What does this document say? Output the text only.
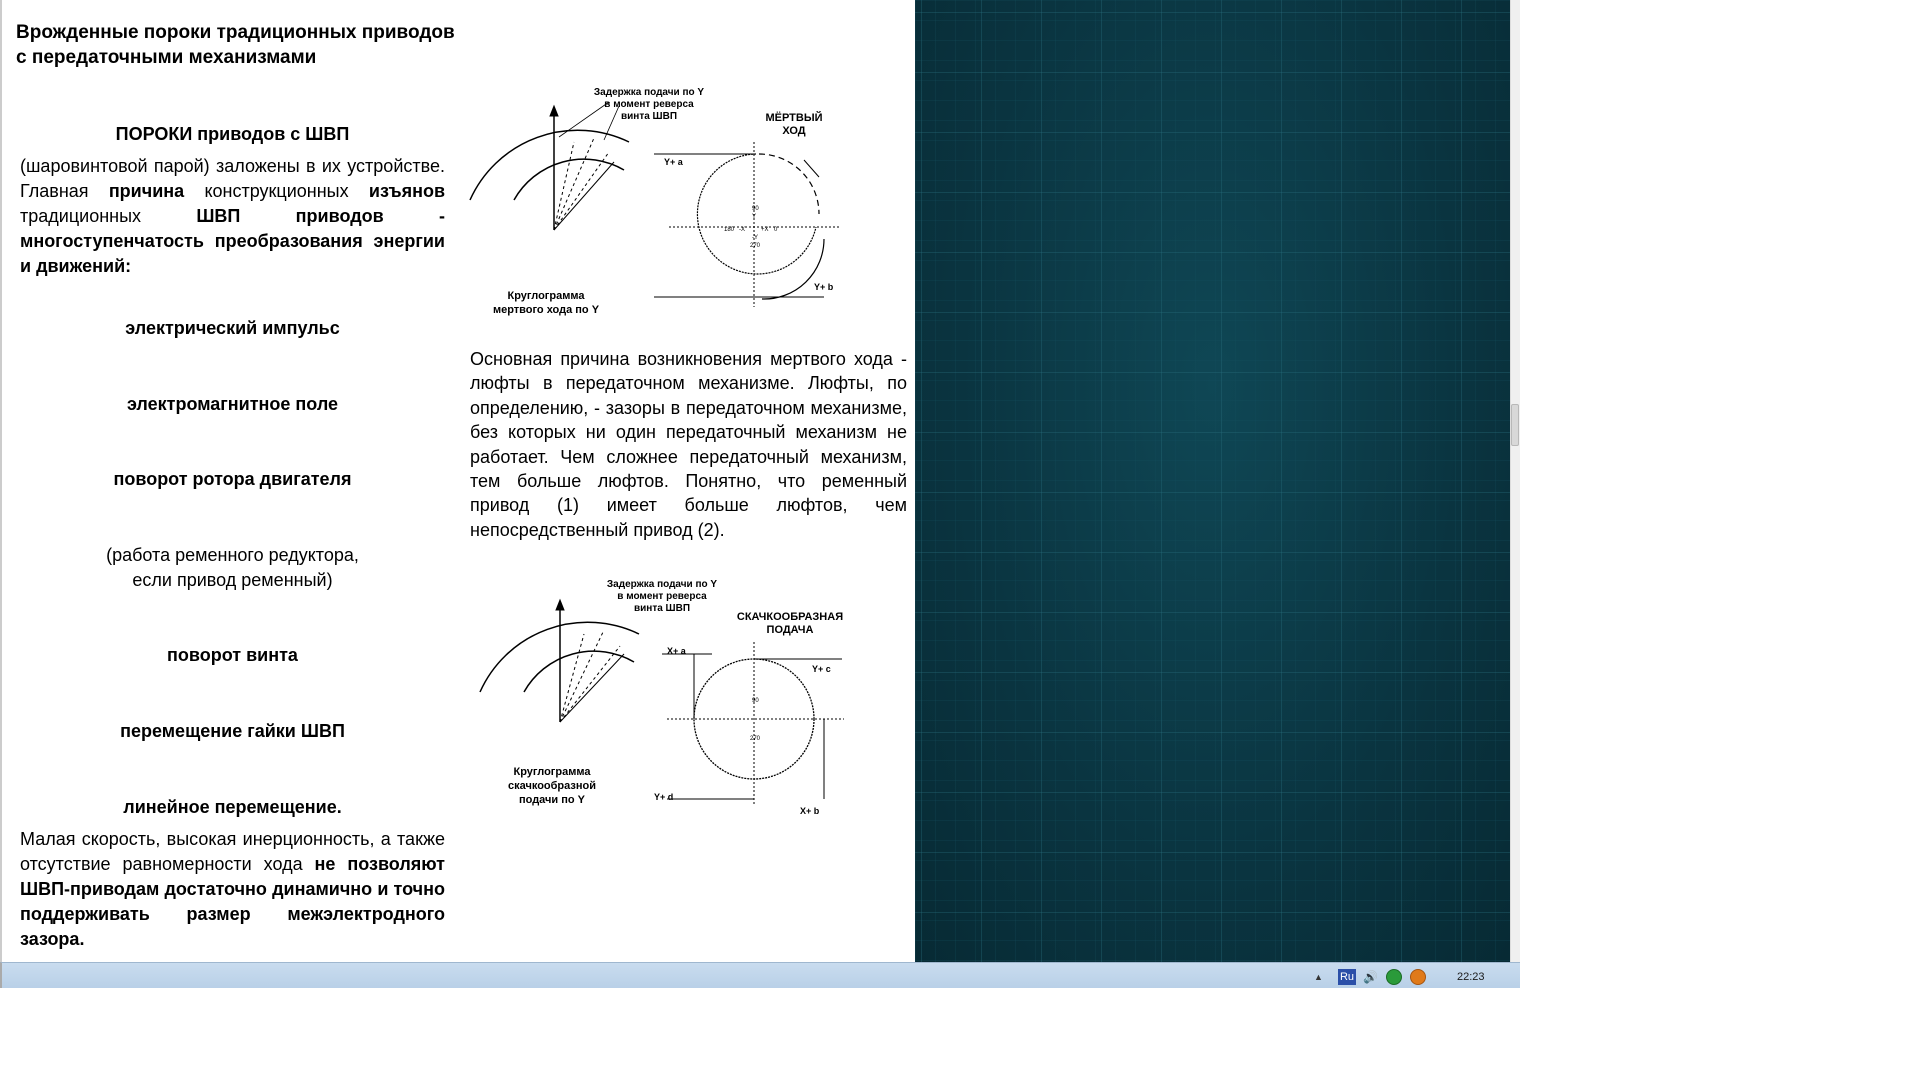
Врожденные пороки традиционных приводов
с передаточными механизмами
ПОРОКИ приводов с ШВП
(шаровинтовой парой) заложены в их устройстве. Главная причина конструкционных изъянов традиционных ШВП приводов - многоступенчатость преобразования энергии и движений:
электрический импульс
электромагнитное поле
поворот ротора двигателя
(работа ременного редуктора,
если привод ременный)
поворот винта
перемещение гайки ШВП
линейное перемещение.
Малая скорость, высокая инерционность, а также отсутствие равномерности хода не позволяют ШВП-приводам достаточно динамично и точно поддерживать размер межэлектродного зазора.
Задержка подачи по Y
в момент реверса
винта ШВП	МЁРТВЫЙ
ХОД
Y+ a
Y+ b
90
Y
180 -X	+X 0
-Y
270
Круглограмма
мертвого хода по Y
Основная причина возникновения мертвого хода - люфты в передаточном механизме. Люфты, по определению, - зазоры в передаточном механизме, без которых ни один передаточный механизм не работает. Чем сложнее передаточный механизм, тем больше люфтов. Понятно, что ременный привод (1) имеет больше люфтов, чем непосредственный привод (2).
Задержка подачи по Y
в момент реверса
винта ШВП
СКАЧКООБРАЗНАЯ
ПОДАЧА
X+ a
Y+ c
Y+ d
X+ b
90
270
Круглограмма
скачкообразной
подачи по Y
▲ Ru 🔊	22:23
